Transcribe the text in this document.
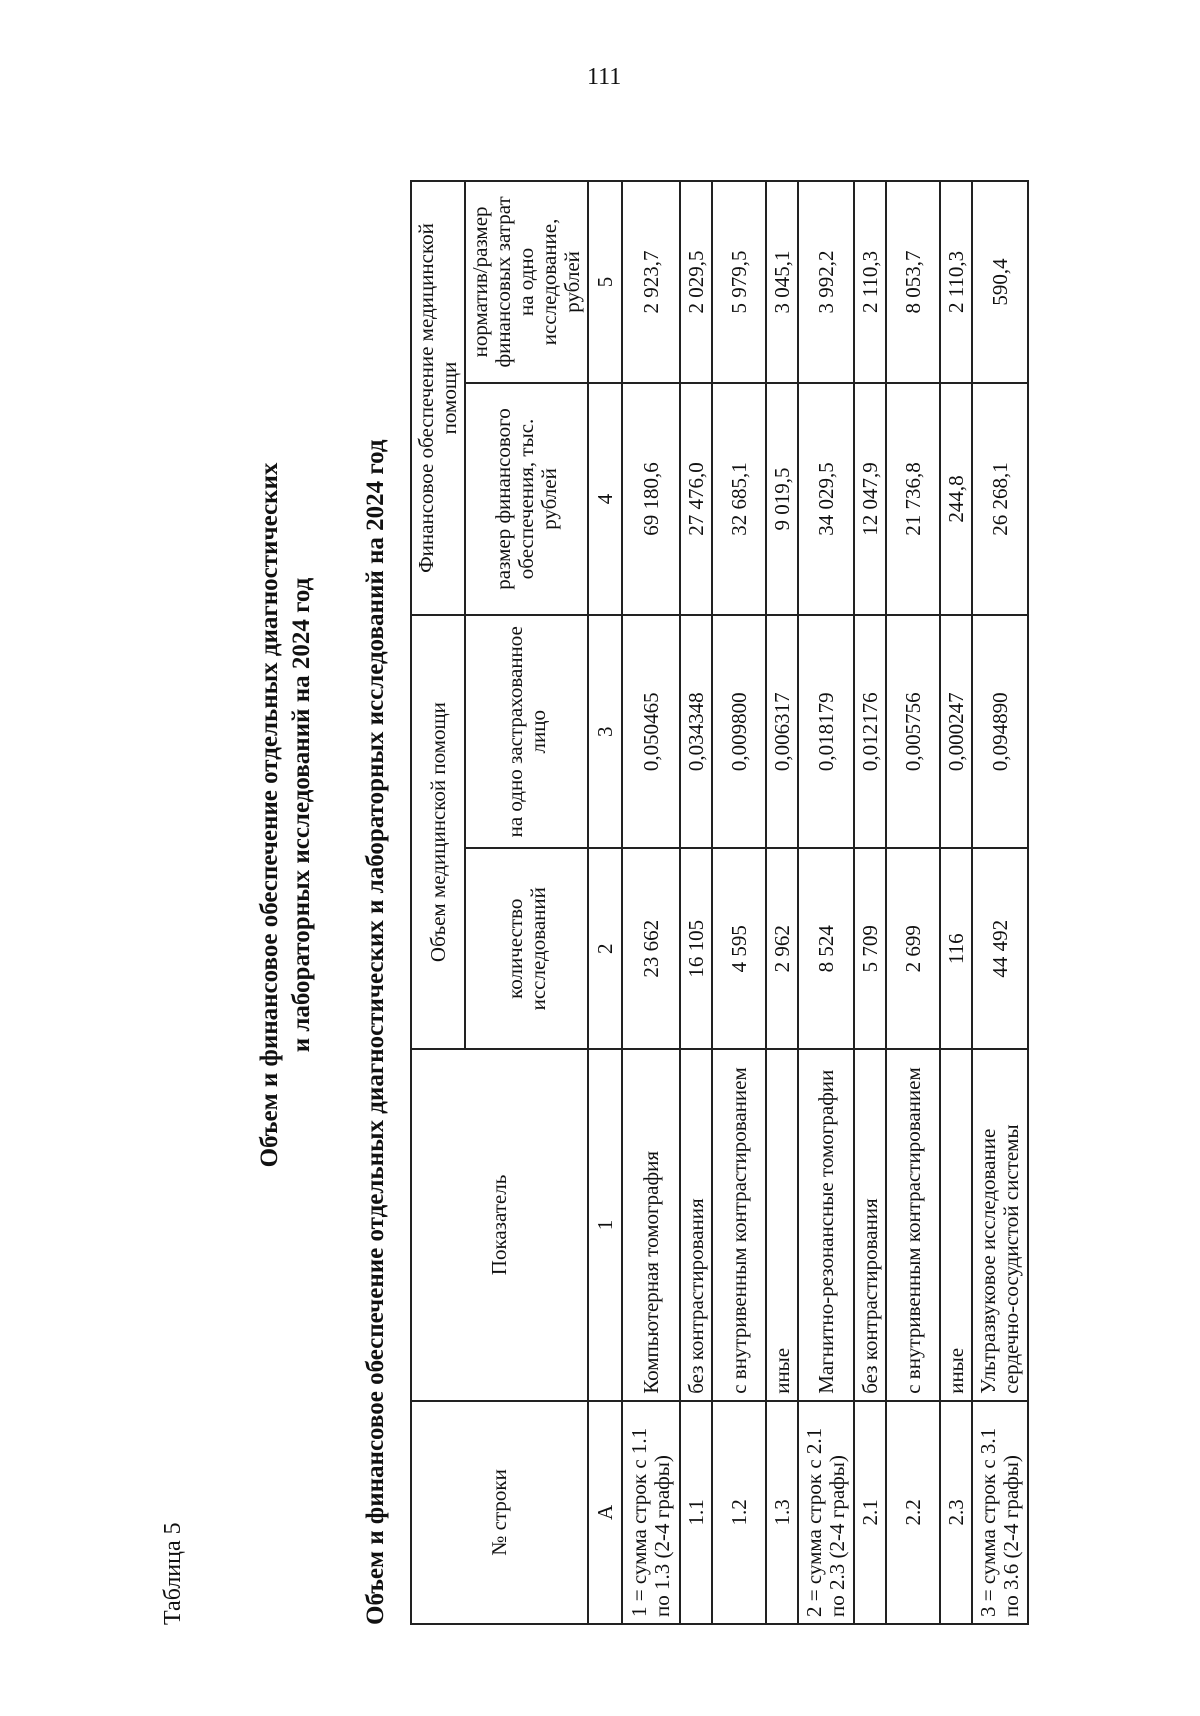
111
Таблица 5
Объем и финансовое обеспечение отдельных диагностических и лабораторных исследований на 2024 год Объем и финансовое обеспечение отдельных диагностических и лабораторных исследований на 2024 год	№ строки	Показатель	Объем медицинской помощи		Финансовое обеспечение медицинской помощи	
		количество исследований	на одно застрахованное лицо	размер финансового обеспечения, тыс. рублей	норматив/размер финансовых затрат на одно исследование, рублей
А	1	2	3	4	5
1 = сумма строк с 1.1 по 1.3 (2-4 графы)	Компьютерная томография	23 662	0,050465	69 180,6	2 923,7
1.1	без контрастирования	16 105	0,034348	27 476,0	2 029,5
1.2	с внутривенным контрастированием	4 595	0,009800	32 685,1	5 979,5
1.3	иные	2 962	0,006317	9 019,5	3 045,1
2 = сумма строк с 2.1 по 2.3 (2-4 графы)	Магнитно-резонансные томографии	8 524	0,018179	34 029,5	3 992,2
2.1	без контрастирования	5 709	0,012176	12 047,9	2 110,3
2.2	с внутривенным контрастированием	2 699	0,005756	21 736,8	8 053,7
2.3	иные	116	0,000247	244,8	2 110,3
3 = сумма строк с 3.1 по 3.6 (2-4 графы)	Ультразвуковое исследование сердечно-сосудистой системы	44 492	0,094890	26 268,1	590,4
